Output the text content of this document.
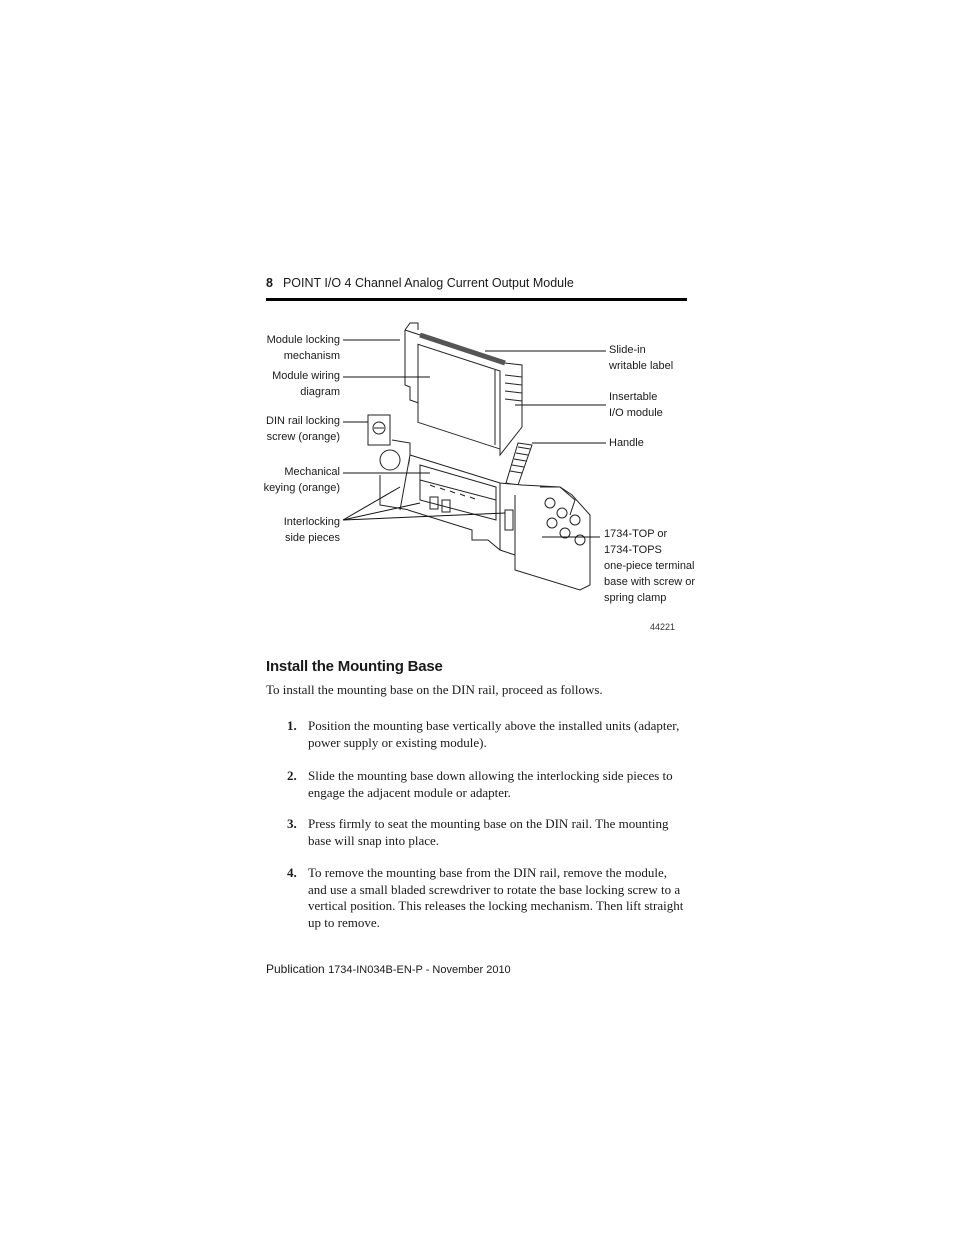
8 POINT I/O 4 Channel Analog Current Output Module
Module locking
mechanism
Module wiring
diagram
DIN rail locking
screw (orange)
Mechanical
keying (orange)
Interlocking
side pieces
Slide-in
writable label
Insertable
I/O module
Handle
1734-TOP or
1734-TOPS
one-piece terminal
base with screw or
spring clamp
44221
Install the Mounting Base
To install the mounting base on the DIN rail, proceed as follows.
1. Position the mounting base vertically above the installed units (adapter, power supply or existing module).
2. Slide the mounting base down allowing the interlocking side pieces to engage the adjacent module or adapter.
3. Press firmly to seat the mounting base on the DIN rail. The mounting base will snap into place.
4. To remove the mounting base from the DIN rail, remove the module, and use a small bladed screwdriver to rotate the base locking screw to a vertical position. This releases the locking mechanism. Then lift straight up to remove.
Publication 1734-IN034B-EN-P - November 2010
